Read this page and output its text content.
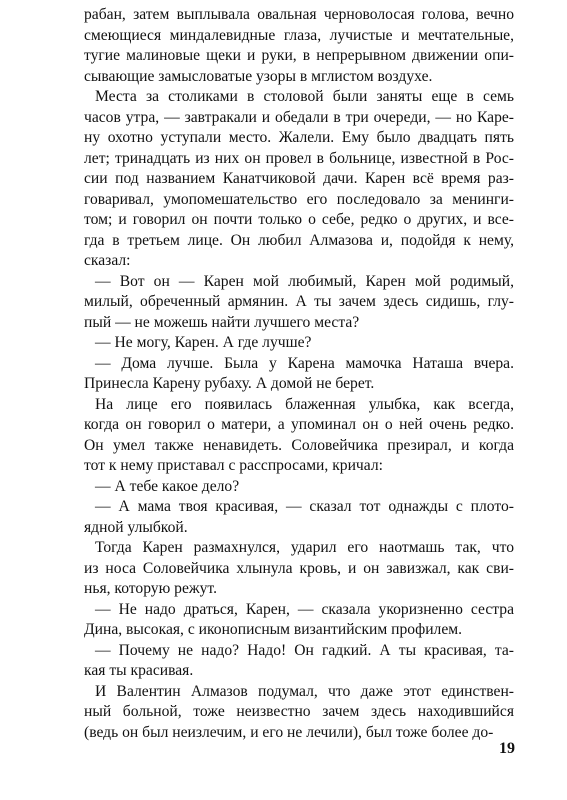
рабан, затем выплывала овальная черноволосая голова, вечно
смеющиеся миндалевидные глаза, лучистые и мечтательные,
тугие малиновые щеки и руки, в непрерывном движении опи-
сывающие замысловатые узоры в мглистом воздухе.
Места за столиками в столовой были заняты еще в семь
часов утра, — завтракали и обедали в три очереди, — но Каре-
ну охотно уступали место. Жалели. Ему было двадцать пять
лет; тринадцать из них он провел в больнице, известной в Рос-
сии под названием Канатчиковой дачи. Карен всё время раз-
говаривал, умопомешательство его последовало за менинги-
том; и говорил он почти только о себе, редко о других, и все-
гда в третьем лице. Он любил Алмазова и, подойдя к нему,
сказал:
— Вот он — Карен мой любимый, Карен мой родимый,
милый, обреченный армянин. А ты зачем здесь сидишь, глу-
пый — не можешь найти лучшего места?
— Не могу, Карен. А где лучше?
— Дома лучше. Была у Карена мамочка Наташа вчера.
Принесла Карену рубаху. А домой не берет.
На лице его появилась блаженная улыбка, как всегда,
когда он говорил о матери, а упоминал он о ней очень редко.
Он умел также ненавидеть. Соловейчика презирал, и когда
тот к нему приставал с расспросами, кричал:
— А тебе какое дело?
— А мама твоя красивая, — сказал тот однажды с плото-
ядной улыбкой.
Тогда Карен размахнулся, ударил его наотмашь так, что
из носа Соловейчика хлынула кровь, и он завизжал, как сви-
нья, которую режут.
— Не надо драться, Карен, — сказала укоризненно сестра
Дина, высокая, с иконописным византийским профилем.
— Почему не надо? Надо! Он гадкий. А ты красивая, та-
кая ты красивая.
И Валентин Алмазов подумал, что даже этот единствен-
ный больной, тоже неизвестно зачем здесь находившийся
(ведь он был неизлечим, и его не лечили), был тоже более до-
19
